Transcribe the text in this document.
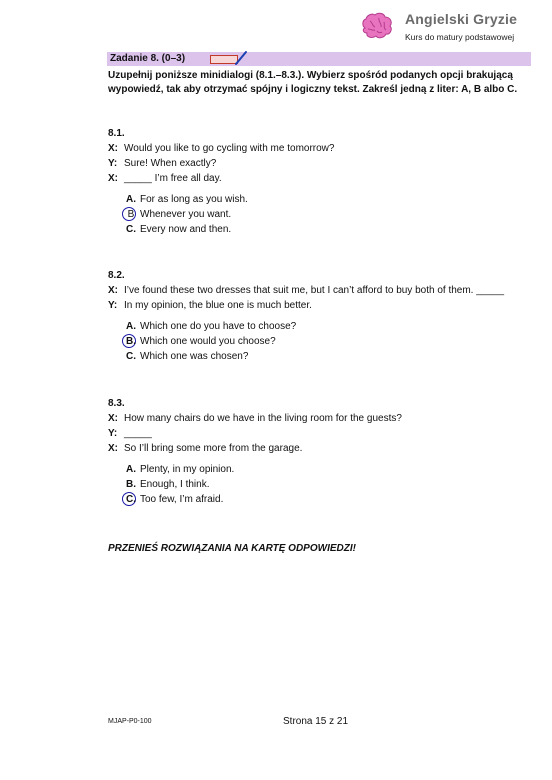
Angielski Gryzie
Kurs do matury podstawowej
Zadanie 8. (0–3)
Uzupełnij poniższe minidialogi (8.1.–8.3.). Wybierz spośród podanych opcji brakującą wypowiedź, tak aby otrzymać spójny i logiczny tekst. Zakreśl jedną z liter: A, B albo C.
8.1.
X: Would you like to go cycling with me tomorrow?
Y: Sure! When exactly?
X: _____ I’m free all day.
A. For as long as you wish.
B Whenever you want.
C. Every now and then.
8.2.
X: I’ve found these two dresses that suit me, but I can’t afford to buy both of them. _____
Y: In my opinion, the blue one is much better.
A. Which one do you have to choose?
B. Which one would you choose?
C. Which one was chosen?
8.3.
X: How many chairs do we have in the living room for the guests?
Y: _____
X: So I’ll bring some more from the garage.
A. Plenty, in my opinion.
B. Enough, I think.
C. Too few, I’m afraid.
PRZENIEŚ ROZWIĄZANIA NA KARTĘ ODPOWIEDZI!
MJAP-P0-100	Strona 15 z 21
